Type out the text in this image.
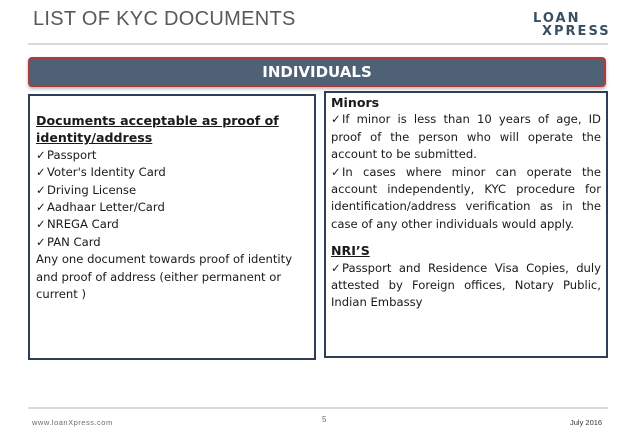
LIST OF KYC DOCUMENTS	LOAN
XPRESS
INDIVIDUALS
Documents acceptable as proof of identity/address
✓Passport
✓Voter's Identity Card
✓Driving License
✓Aadhaar Letter/Card
✓NREGA Card
✓PAN Card
Any one document towards proof of identity and proof of address (either permanent or current )
Minors
✓If minor is less than 10 years of age, ID proof of the person who will operate the account to be submitted.
✓In cases where minor can operate the account independently, KYC procedure for identification/address verification as in the case of any other individuals would apply.
NRI’S
✓Passport and Residence Visa Copies, duly attested by Foreign offices, Notary Public, Indian Embassy
www.loanXpress.com	5	July 2016
